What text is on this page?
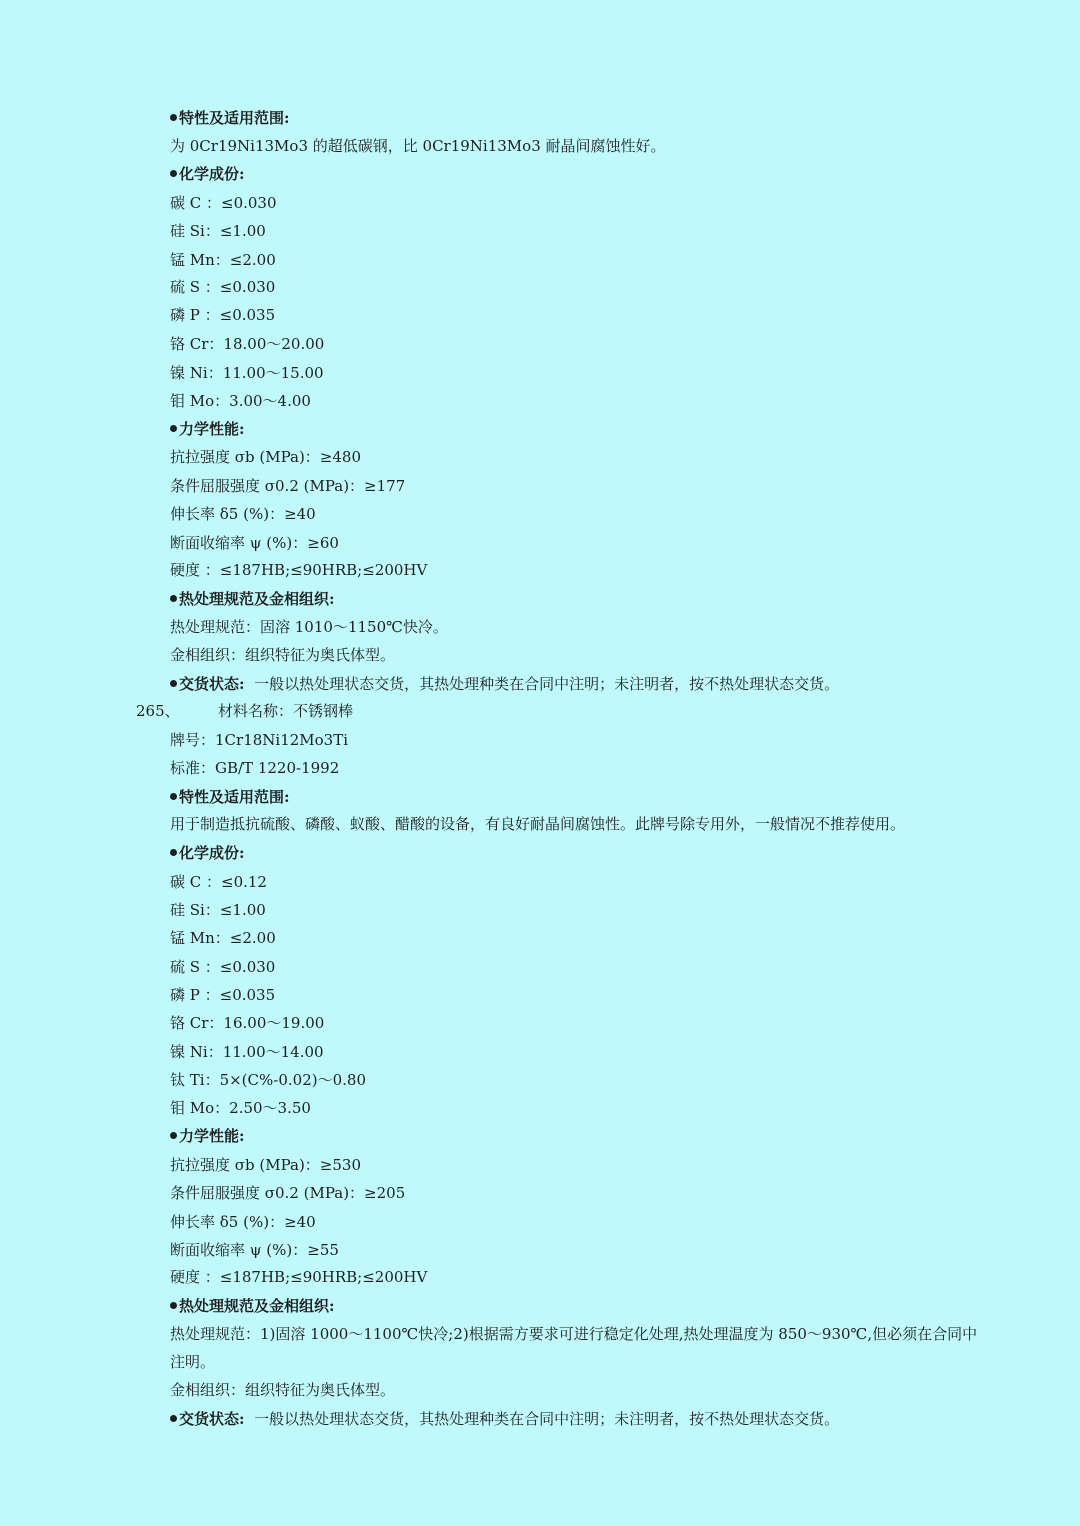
特性及适用范围:
为 0Cr19Ni13Mo3 的超低碳钢，比 0Cr19Ni13Mo3 耐晶间腐蚀性好。
化学成份:
碳 C ：≤0.030
硅 Si：≤1.00
锰 Mn：≤2.00
硫 S ：≤0.030
磷 P ：≤0.035
铬 Cr：18.00～20.00
镍 Ni：11.00～15.00
钼 Mo：3.00～4.00
力学性能:
抗拉强度 σb (MPa)：≥480
条件屈服强度 σ0.2 (MPa)：≥177
伸长率 δ5 (%)：≥40
断面收缩率 ψ (%)：≥60
硬度 ：≤187HB;≤90HRB;≤200HV
热处理规范及金相组织:
热处理规范：固溶 1010～1150℃快冷。
金相组织：组织特征为奥氏体型。
交货状态: 一般以热处理状态交货，其热处理种类在合同中注明；未注明者，按不热处理状态交货。
265、	材料名称：不锈钢棒
牌号：1Cr18Ni12Mo3Ti
标准：GB/T 1220-1992
特性及适用范围:
用于制造抵抗硫酸、磷酸、蚁酸、醋酸的设备，有良好耐晶间腐蚀性。此牌号除专用外，一般情况不推荐使用。
化学成份:
碳 C ：≤0.12
硅 Si：≤1.00
锰 Mn：≤2.00
硫 S ：≤0.030
磷 P ：≤0.035
铬 Cr：16.00～19.00
镍 Ni：11.00～14.00
钛 Ti：5×(C%-0.02)～0.80
钼 Mo：2.50～3.50
力学性能:
抗拉强度 σb (MPa)：≥530
条件屈服强度 σ0.2 (MPa)：≥205
伸长率 δ5 (%)：≥40
断面收缩率 ψ (%)：≥55
硬度 ：≤187HB;≤90HRB;≤200HV
热处理规范及金相组织:
热处理规范：1)固溶 1000～1100℃快冷;2)根据需方要求可进行稳定化处理,热处理温度为 850～930℃,但必须在合同中
注明。
金相组织：组织特征为奥氏体型。
交货状态: 一般以热处理状态交货，其热处理种类在合同中注明；未注明者，按不热处理状态交货。
